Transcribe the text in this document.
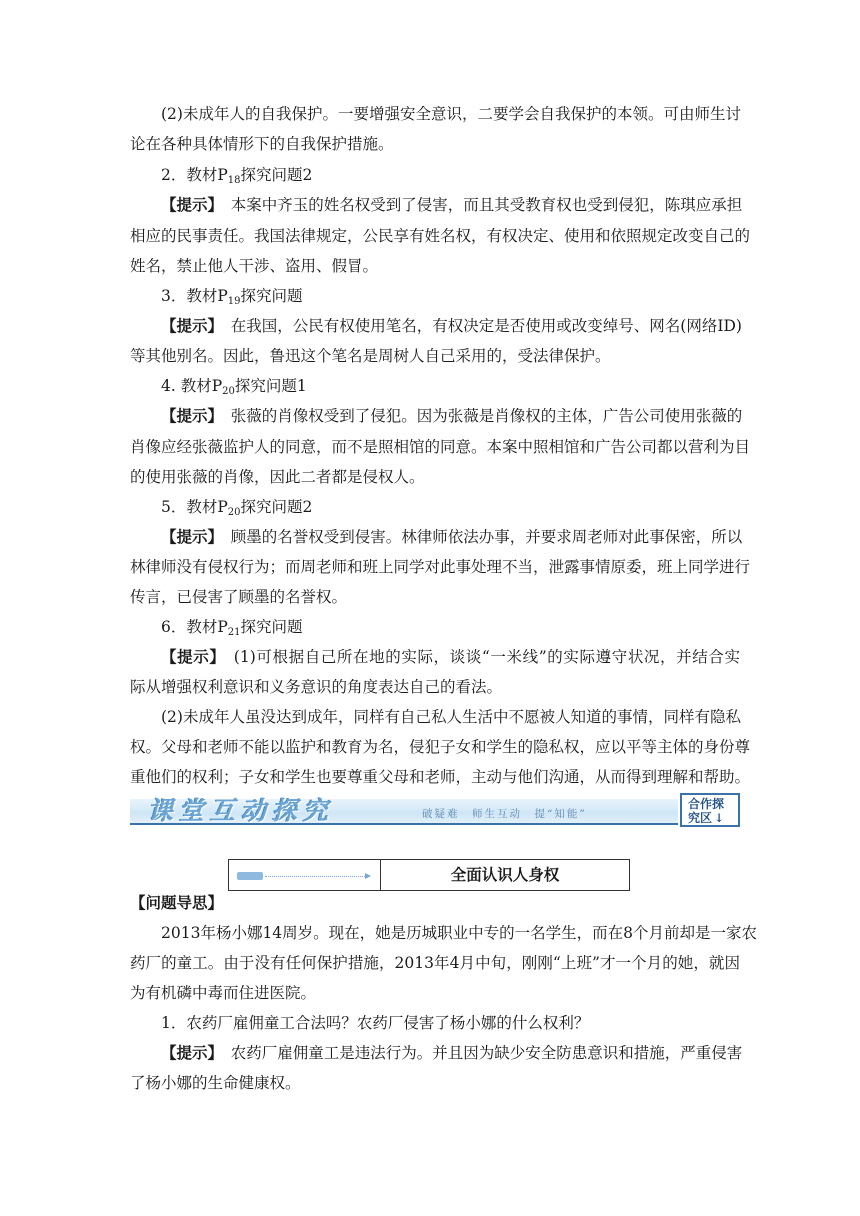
(2)未成年人的自我保护。一要增强安全意识，二要学会自我保护的本领。可由师生讨
论在各种具体情形下的自我保护措施。
2．教材$P_{18}$探究问题2
【提示】　本案中齐玉的姓名权受到了侵害，而且其受教育权也受到侵犯，陈琪应承担
相应的民事责任。我国法律规定，公民享有姓名权，有权决定、使用和依照规定改变自己的
姓名，禁止他人干涉、盗用、假冒。
3．教材$P_{19}$探究问题
【提示】　在我国，公民有权使用笔名，有权决定是否使用或改变绰号、网名(网络ID)
等其他别名。因此，鲁迅这个笔名是周树人自己采用的，受法律保护。
4. 教材$P_{20}$探究问题1
【提示】　张薇的肖像权受到了侵犯。因为张薇是肖像权的主体，广告公司使用张薇的
肖像应经张薇监护人的同意，而不是照相馆的同意。本案中照相馆和广告公司都以营利为目
的使用张薇的肖像，因此二者都是侵权人。
5．教材$P_{20}$探究问题2
【提示】　顾墨的名誉权受到侵害。林律师依法办事，并要求周老师对此事保密，所以
林律师没有侵权行为；而周老师和班上同学对此事处理不当，泄露事情原委，班上同学进行
传言，已侵害了顾墨的名誉权。
6．教材$P_{21}$探究问题
【提示】　(1)可根据自己所在地的实际，谈谈“一米线”的实际遵守状况，并结合实
际从增强权利意识和义务意识的角度表达自己的看法。
(2)未成年人虽没达到成年，同样有自己私人生活中不愿被人知道的事情，同样有隐私
权。父母和老师不能以监护和教育为名，侵犯子女和学生的隐私权，应以平等主体的身份尊
重他们的权利；子女和学生也要尊重父母和老师，主动与他们沟通，从而得到理解和帮助。
课堂互动探究	破疑难　师生互动　提“知能”
合作探
究区 ↓
全面认识人身权
【问题导思】
2013年杨小娜14周岁。现在，她是历城职业中专的一名学生，而在8个月前却是一家农
药厂的童工。由于没有任何保护措施，2013年4月中旬，刚刚“上班”才一个月的她，就因
为有机磷中毒而住进医院。
1．农药厂雇佣童工合法吗？农药厂侵害了杨小娜的什么权利？
【提示】　农药厂雇佣童工是违法行为。并且因为缺少安全防患意识和措施，严重侵害
了杨小娜的生命健康权。
